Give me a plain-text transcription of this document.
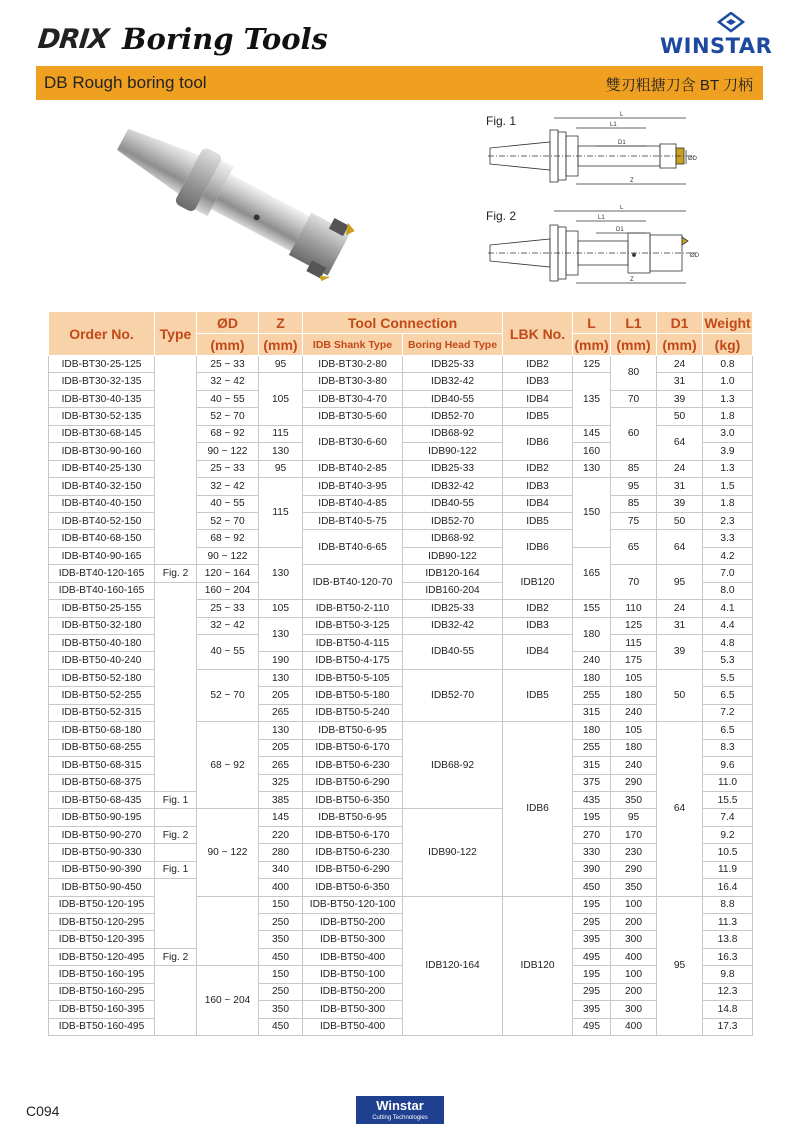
DRIX Boring Tools	WINSTAR
DB Rough boring tool	雙刃粗搪刀含 BT 刀柄
Fig. 1	L
L1
D1
ØD
Z
Fig. 2
L
L1
D1
ØD
Z
Order No.	Type	ØD	Z	Tool Connection		LBK No.	L	L1	D1	Weight
		(mm)	(mm)	IDB Shank Type	Boring Head Type		(mm)	(mm)	(mm)	(kg)
IDB-BT30-25-125		25 ~ 33	95	IDB-BT30-2-80	IDB25-33	IDB2	125	80	24	0.8
IDB-BT30-32-135		32 ~ 42	105	IDB-BT30-3-80	IDB32-42	IDB3	135		31	1.0
IDB-BT30-40-135		40 ~ 55		IDB-BT30-4-70	IDB40-55	IDB4		70	39	1.3
IDB-BT30-52-135		52 ~ 70		IDB-BT30-5-60	IDB52-70	IDB5		60	50	1.8
IDB-BT30-68-145		68 ~ 92	115	IDB-BT30-6-60	IDB68-92	IDB6	145		64	3.0
IDB-BT30-90-160		90 ~ 122	130		IDB90-122		160			3.9
IDB-BT40-25-130		25 ~ 33	95	IDB-BT40-2-85	IDB25-33	IDB2	130	85	24	1.3
IDB-BT40-32-150		32 ~ 42	115	IDB-BT40-3-95	IDB32-42	IDB3	150	95	31	1.5
IDB-BT40-40-150		40 ~ 55		IDB-BT40-4-85	IDB40-55	IDB4		85	39	1.8
IDB-BT40-52-150		52 ~ 70		IDB-BT40-5-75	IDB52-70	IDB5		75	50	2.3
IDB-BT40-68-150		68 ~ 92		IDB-BT40-6-65	IDB68-92	IDB6		65	64	3.3
IDB-BT40-90-165		90 ~ 122	130		IDB90-122		165			4.2
IDB-BT40-120-165	Fig. 2	120 ~ 164		IDB-BT40-120-70	IDB120-164	IDB120		70	95	7.0
IDB-BT40-160-165		160 ~ 204			IDB160-204					8.0
IDB-BT50-25-155		25 ~ 33	105	IDB-BT50-2-110	IDB25-33	IDB2	155	110	24	4.1
IDB-BT50-32-180		32 ~ 42	130	IDB-BT50-3-125	IDB32-42	IDB3	180	125	31	4.4
IDB-BT50-40-180		40 ~ 55		IDB-BT50-4-115	IDB40-55	IDB4		115	39	4.8
IDB-BT50-40-240			190	IDB-BT50-4-175			240	175		5.3
IDB-BT50-52-180		52 ~ 70	130	IDB-BT50-5-105	IDB52-70	IDB5	180	105	50	5.5
IDB-BT50-52-255			205	IDB-BT50-5-180			255	180		6.5
IDB-BT50-52-315			265	IDB-BT50-5-240			315	240		7.2
IDB-BT50-68-180		68 ~ 92	130	IDB-BT50-6-95	IDB68-92	IDB6	180	105	64	6.5
IDB-BT50-68-255			205	IDB-BT50-6-170			255	180		8.3
IDB-BT50-68-315			265	IDB-BT50-6-230			315	240		9.6
IDB-BT50-68-375			325	IDB-BT50-6-290			375	290		11.0
IDB-BT50-68-435	Fig. 1		385	IDB-BT50-6-350			435	350		15.5
IDB-BT50-90-195		90 ~ 122	145	IDB-BT50-6-95	IDB90-122		195	95		7.4
IDB-BT50-90-270	Fig. 2		220	IDB-BT50-6-170			270	170		9.2
IDB-BT50-90-330			280	IDB-BT50-6-230			330	230		10.5
IDB-BT50-90-390	Fig. 1		340	IDB-BT50-6-290			390	290		11.9
IDB-BT50-90-450			400	IDB-BT50-6-350			450	350		16.4
IDB-BT50-120-195			150	IDB-BT50-120-100	IDB120-164	IDB120	195	100	95	8.8
IDB-BT50-120-295			250	IDB-BT50-200			295	200		11.3
IDB-BT50-120-395			350	IDB-BT50-300			395	300		13.8
IDB-BT50-120-495	Fig. 2		450	IDB-BT50-400			495	400		16.3
IDB-BT50-160-195		160 ~ 204	150	IDB-BT50-100			195	100		9.8
IDB-BT50-160-295			250	IDB-BT50-200			295	200		12.3
IDB-BT50-160-395			350	IDB-BT50-300			395	300		14.8
IDB-BT50-160-495			450	IDB-BT50-400			495	400		17.3
C094	Winstar
Cutting Technologies
